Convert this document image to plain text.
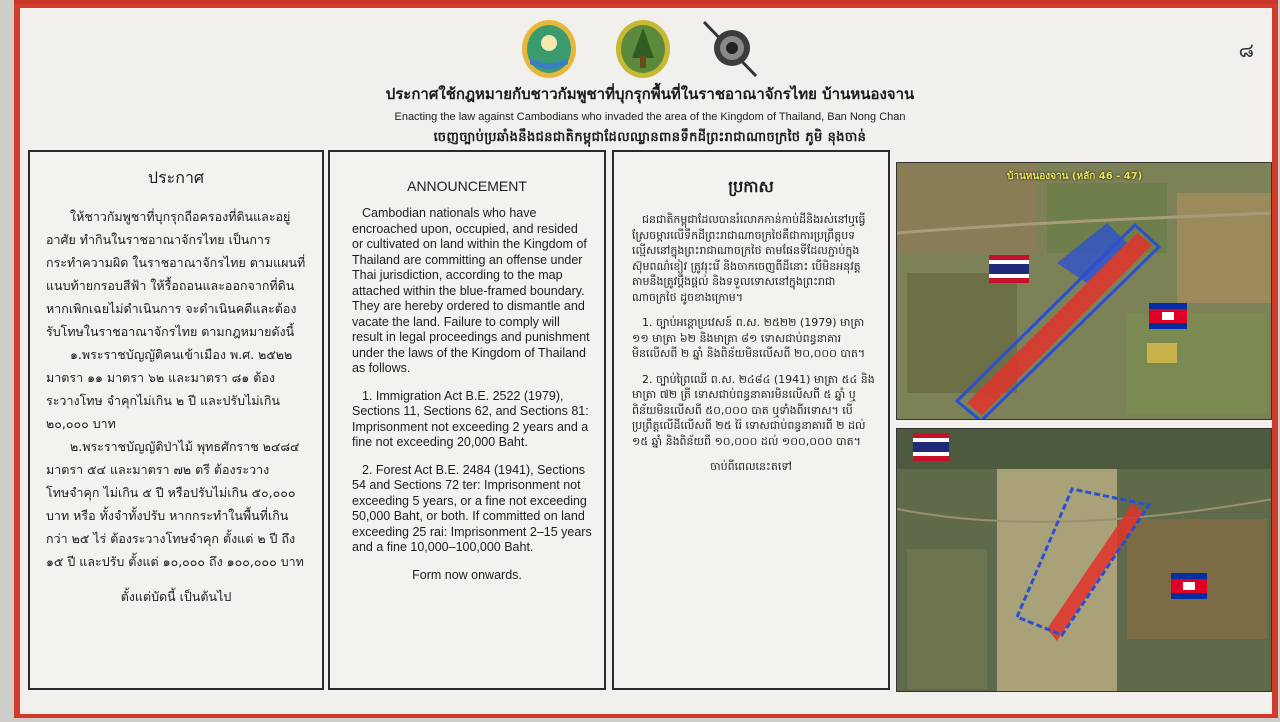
๘
ประกาศใช้กฎหมายกับชาวกัมพูชาที่บุกรุกพื้นที่ในราชอาณาจักรไทย บ้านหนองจาน
Enacting the law against Cambodians who invaded the area of the Kingdom of Thailand, Ban Nong Chan
ចេញច្បាប់ប្រឆាំងនឹងជនជាតិកម្ពុជាដែលឈ្លានពានទឹកដីព្រះរាជាណាចក្រថៃ ភូមិ នុងចាន់
ประกาศ
ให้ชาวกัมพูชาที่บุกรุกถือครองที่ดินและอยู่อาศัย ทำกินในราชอาณาจักรไทย เป็นการกระทำความผิด ในราชอาณาจักรไทย ตามแผนที่แนบท้ายกรอบสีฟ้า ให้รื้อถอนและออกจากที่ดิน หากเพิกเฉยไม่ดำเนินการ จะดำเนินคดีและต้องรับโทษในราชอาณาจักรไทย ตามกฎหมายดังนี้
๑.พระราชบัญญัติคนเข้าเมือง พ.ศ. ๒๕๒๒ มาตรา ๑๑ มาตรา ๖๒ และมาตรา ๘๑ ต้องระวางโทษ จำคุกไม่เกิน ๒ ปี และปรับไม่เกิน ๒๐,๐๐๐ บาท
๒.พระราชบัญญัติป่าไม้ พุทธศักราช ๒๔๘๔ มาตรา ๕๔ และมาตรา ๗๒ ตรี ต้องระวางโทษจำคุก ไม่เกิน ๕ ปี หรือปรับไม่เกิน ๕๐,๐๐๐ บาท หรือ ทั้งจำทั้งปรับ หากกระทำในพื้นที่เกินกว่า ๒๕ ไร่ ต้องระวางโทษจำคุก ตั้งแต่ ๒ ปี ถึง ๑๕ ปี และปรับ ตั้งแต่ ๑๐,๐๐๐ ถึง ๑๐๐,๐๐๐ บาท
ตั้งแต่บัดนี้ เป็นต้นไป
ANNOUNCEMENT
Cambodian nationals who have encroached upon, occupied, and resided or cultivated on land within the Kingdom of Thailand are committing an offense under Thai jurisdiction, according to the map attached within the blue-framed boundary. They are hereby ordered to dismantle and vacate the land. Failure to comply will result in legal proceedings and punishment under the laws of the Kingdom of Thailand as follows.
1. Immigration Act B.E. 2522 (1979), Sections 11, Sections 62, and Sections 81: Imprisonment not exceeding 2 years and a fine not exceeding 20,000 Baht.
2. Forest Act B.E. 2484 (1941), Sections 54 and Sections 72 ter: Imprisonment not exceeding 5 years, or a fine not exceeding 50,000 Baht, or both. If committed on land exceeding 25 rai: Imprisonment 2–15 years and a fine 10,000–100,000 Baht.
Form now onwards.
ប្រកាស
ជនជាតិកម្ពុជាដែលបានរំលោភកាន់កាប់ដីនិងរស់នៅឬធ្វើស្រែចម្ការលើទឹកដីព្រះរាជាណាចក្រថៃគឺជាការប្រព្រឹត្តបទល្មើសនៅក្នុងព្រះរាជាណាចក្រថៃ តាមផែនទីដែលភ្ជាប់ក្នុងស៊ុមពណ៌ខៀវ ត្រូវរុះរើ និងចាកចេញពីដីនោះ បើមិនអនុវត្តតាមនឹងត្រូវប្តឹងផ្តល់ និងទទួលទោសនៅក្នុងព្រះរាជាណាចក្រថៃ ដូចខាងក្រោម។
1. ច្បាប់អន្តោប្រវេសន៍ ព.ស. ២៥២២ (1979) មាត្រា ១១ មាត្រា ៦២ និងមាត្រា ៨១ ទោសជាប់ពន្ធនាគារមិនលើសពី ២ ឆ្នាំ និងពិន័យមិនលើសពី ២០,០០០ បាត។
2. ច្បាប់ព្រៃឈើ ព.ស. ២៤៨៤ (1941) មាត្រា ៥៤ និងមាត្រា ៧២ ត្រី ទោសជាប់ពន្ធនាគារមិនលើសពី ៥ ឆ្នាំ ឬពិន័យមិនលើសពី ៥០,០០០ បាត ឬទាំងពីរទោស។ បើប្រព្រឹត្តលើដីលើសពី ២៥ រ៉ៃ ទោសជាប់ពន្ធនាគារពី ២ ដល់ ១៥ ឆ្នាំ និងពិន័យពី ១០,០០០ ដល់ ១០០,០០០ បាត។
ចាប់ពីពេលនេះតទៅ
บ้านหนองจาน (หลัก 46 - 47)
